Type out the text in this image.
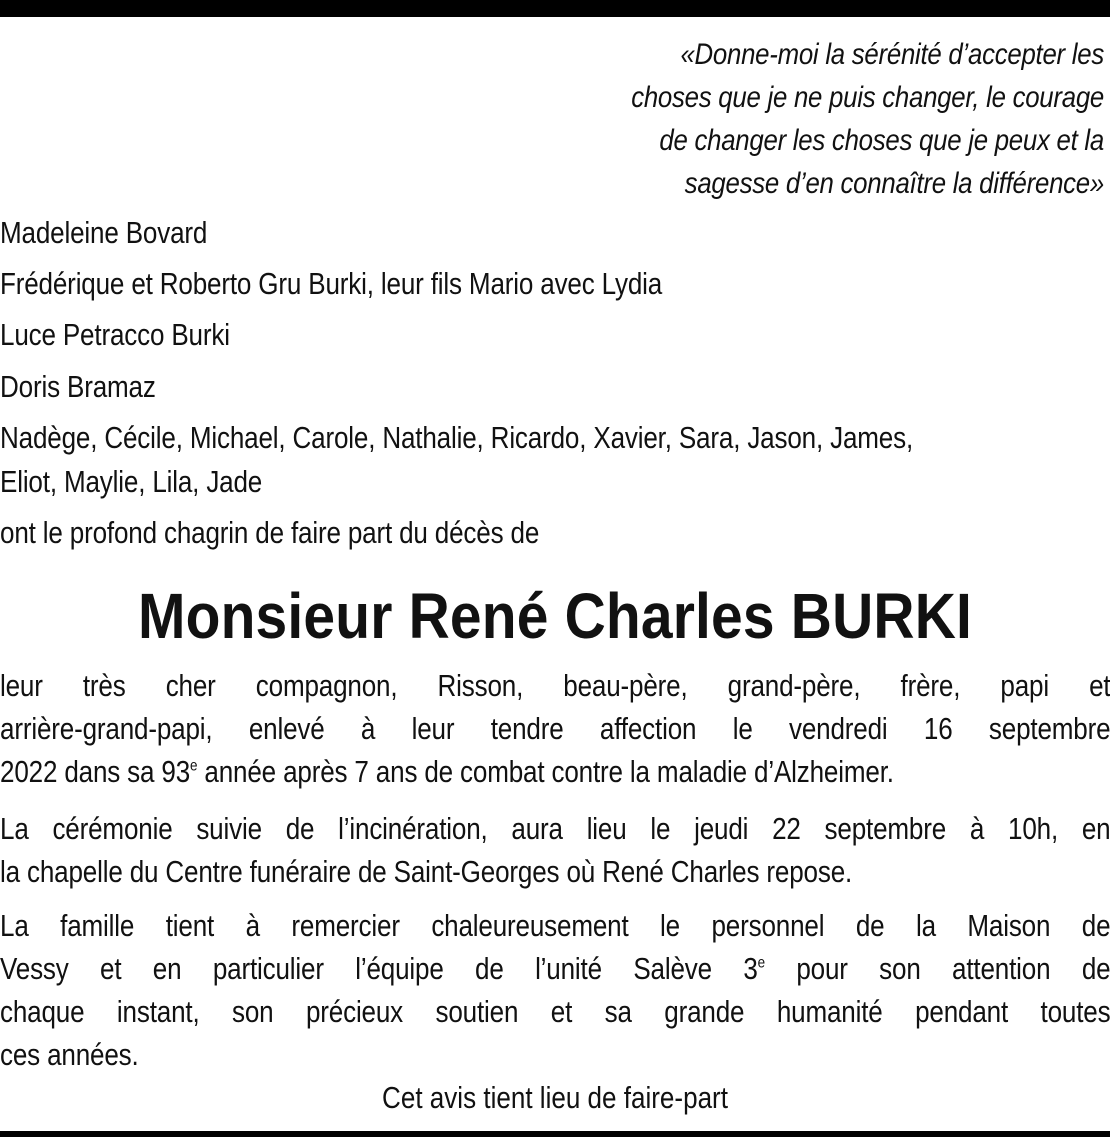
«Donne-moi la sérénité d’accepter les
choses que je ne puis changer, le courage
de changer les choses que je peux et la
sagesse d’en connaître la différence»
Madeleine Bovard
Frédérique et Roberto Gru Burki, leur fils Mario avec Lydia
Luce Petracco Burki
Doris Bramaz
Nadège, Cécile, Michael, Carole, Nathalie, Ricardo, Xavier, Sara, Jason, James,
Eliot, Maylie, Lila, Jade
ont le profond chagrin de faire part du décès de
Monsieur René Charles BURKI
leur très cher compagnon, Risson, beau-père, grand-père, frère, papi et
arrière-grand-papi, enlevé à leur tendre affection le vendredi 16 septembre
2022 dans sa 93e année après 7 ans de combat contre la maladie d’Alzheimer.
La cérémonie suivie de l’incinération, aura lieu le jeudi 22 septembre à 10h, en
la chapelle du Centre funéraire de Saint-Georges où René Charles repose.
La famille tient à remercier chaleureusement le personnel de la Maison de
Vessy et en particulier l’équipe de l’unité Salève 3e pour son attention de
chaque instant, son précieux soutien et sa grande humanité pendant toutes
ces années.
Cet avis tient lieu de faire-part
